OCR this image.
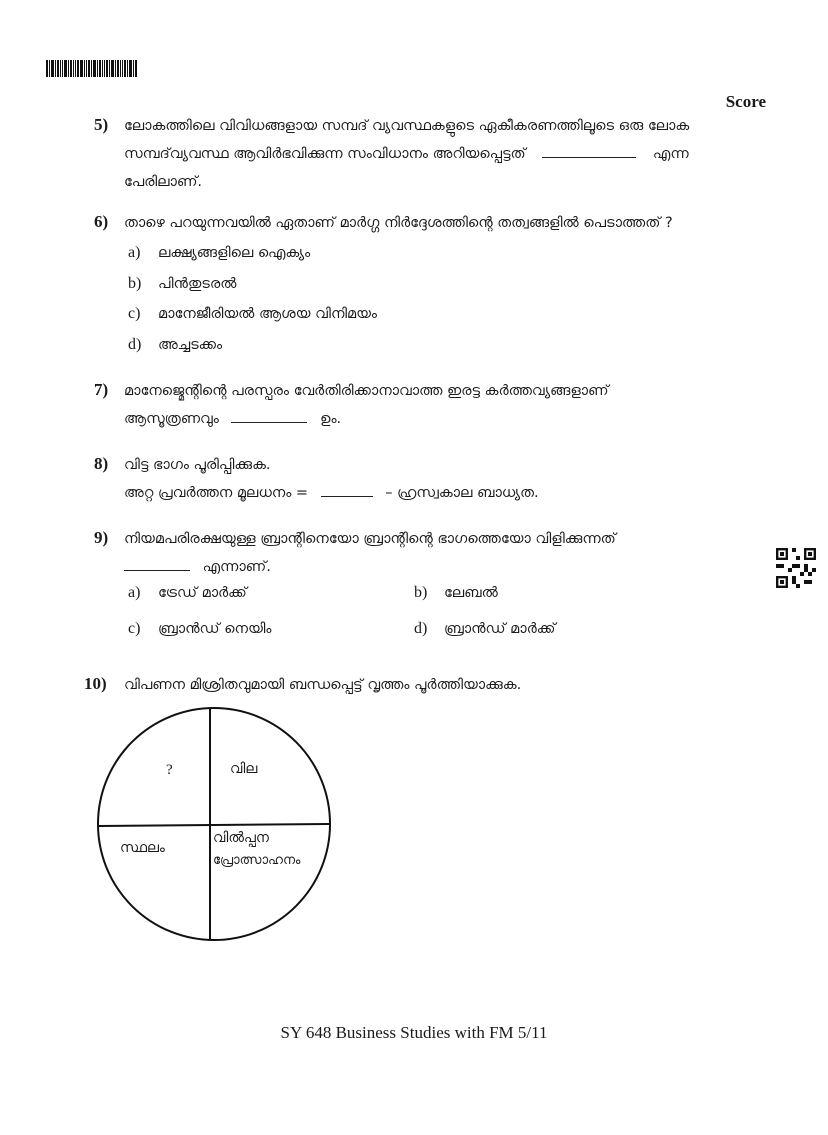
Score
5) ലോകത്തിലെ വിവിധങ്ങളായ സമ്പദ് വ്യവസ്ഥകളുടെ ഏകീകരണത്തിലൂടെ ഒരു ലോക
സമ്പദ്‌വ്യവസ്ഥ ആവിർഭവിക്കുന്ന സംവിധാനം അറിയപ്പെട്ടത്	എന്ന
പേരിലാണ്.
6) താഴെ പറയുന്നവയിൽ ഏതാണ് മാർഗ്ഗ നിർദ്ദേശത്തിന്റെ തത്വങ്ങളിൽ പെടാത്തത് ?
a) ലക്ഷ്യങ്ങളിലെ ഐക്യം
b) പിൻതുടരൽ
c) മാനേജീരിയൽ ആശയ വിനിമയം
d) അച്ചടക്കം
7) മാനേജ്മെന്റിന്റെ പരസ്പരം വേർതിരിക്കാനാവാത്ത ഇരട്ട കർത്തവ്യങ്ങളാണ്
ആസൂത്രണവും	ഉം.
8) വിട്ട ഭാഗം പൂരിപ്പിക്കുക.
അറ്റ പ്രവർത്തന മൂലധനം =	– ഹ്രസ്വകാല ബാധ്യത.
9) നിയമപരിരക്ഷയുള്ള ബ്രാന്റിനെയോ ബ്രാന്റിന്റെ ഭാഗത്തെയോ വിളിക്കുന്നത്
എന്നാണ്.
a) ട്രേഡ് മാർക്ക്	b) ലേബൽ
c) ബ്രാൻഡ് നെയിം	d) ബ്രാൻഡ് മാർക്ക്
10) വിപണന മിശ്രിതവുമായി ബന്ധപ്പെട്ട് വൃത്തം പൂർത്തിയാക്കുക.
?	വില
സ്ഥലം
വിൽപ്പന
പ്രോത്സാഹനം
SY 648 Business Studies with FM 5/11
